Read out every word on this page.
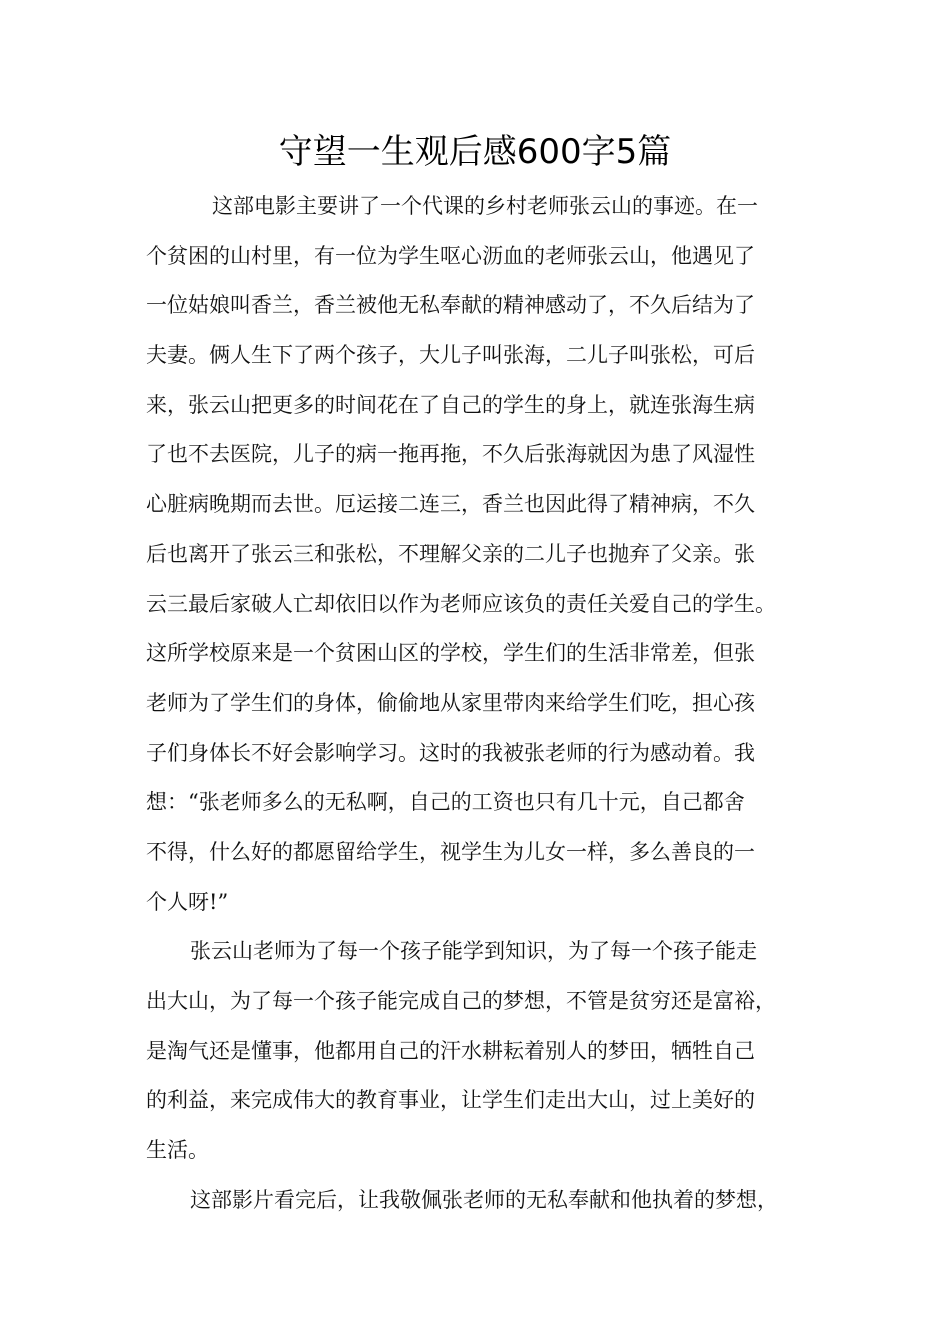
守望一生观后感600字5篇
这部电影主要讲了一个代课的乡村老师张云山的事迹。在一
个贫困的山村里，有一位为学生呕心沥血的老师张云山，他遇见了
一位姑娘叫香兰，香兰被他无私奉献的精神感动了，不久后结为了
夫妻。俩人生下了两个孩子，大儿子叫张海，二儿子叫张松，可后
来，张云山把更多的时间花在了自己的学生的身上，就连张海生病
了也不去医院，儿子的病一拖再拖，不久后张海就因为患了风湿性
心脏病晚期而去世。厄运接二连三，香兰也因此得了精神病，不久
后也离开了张云三和张松，不理解父亲的二儿子也抛弃了父亲。张
云三最后家破人亡却依旧以作为老师应该负的责任关爱自己的学生。
这所学校原来是一个贫困山区的学校，学生们的生活非常差，但张
老师为了学生们的身体，偷偷地从家里带肉来给学生们吃，担心孩
子们身体长不好会影响学习。这时的我被张老师的行为感动着。我
想：“张老师多么的无私啊，自己的工资也只有几十元，自己都舍
不得，什么好的都愿留给学生，视学生为儿女一样，多么善良的一
个人呀!”
张云山老师为了每一个孩子能学到知识，为了每一个孩子能走
出大山，为了每一个孩子能完成自己的梦想，不管是贫穷还是富裕，
是淘气还是懂事，他都用自己的汗水耕耘着别人的梦田，牺牲自己
的利益，来完成伟大的教育事业，让学生们走出大山，过上美好的
生活。
这部影片看完后，让我敬佩张老师的无私奉献和他执着的梦想，
